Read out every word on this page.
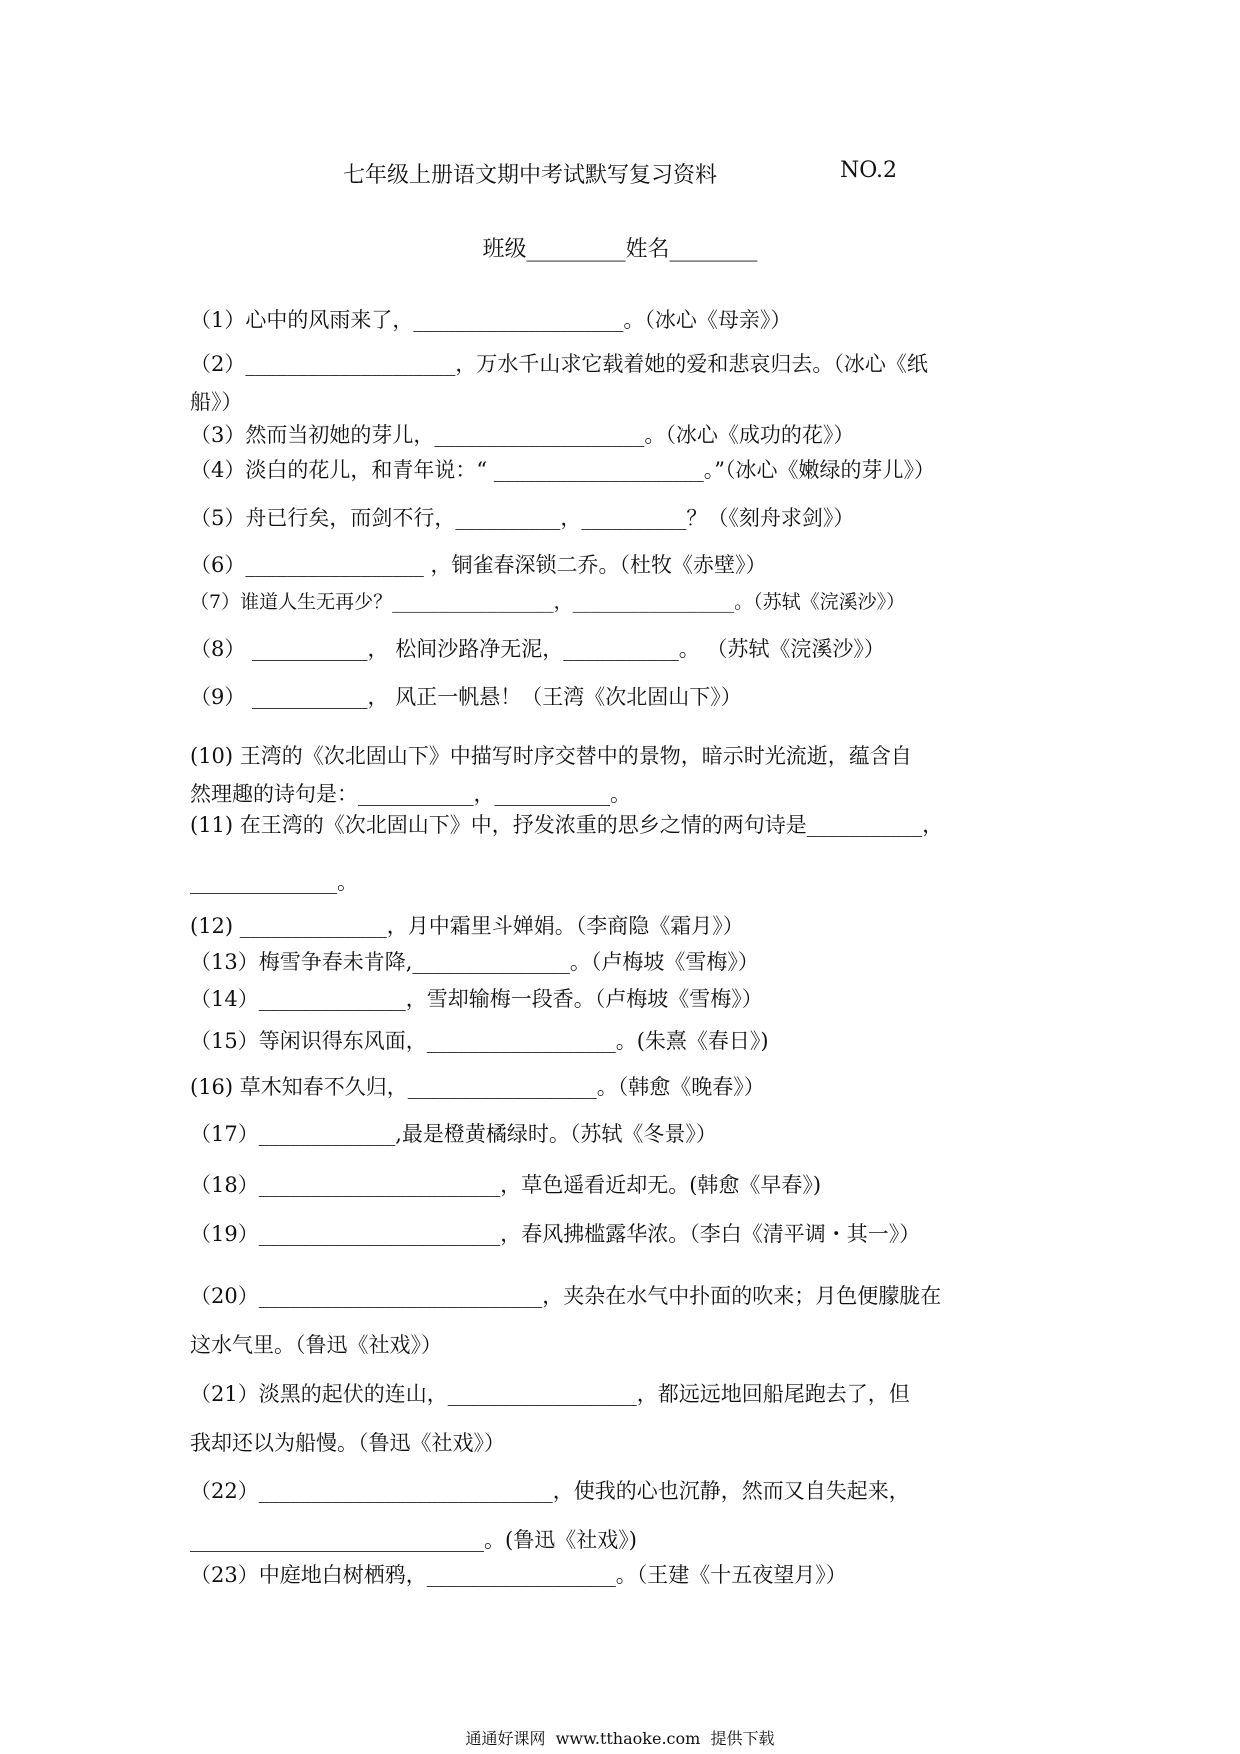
七年级上册语文期中考试默写复习资料	NO.2
班级_________姓名________
（1）心中的风雨来了，____________________。（冰心《母亲》）
（2）____________________，万水千山求它载着她的爱和悲哀归去。（冰心《纸
船》）
（3）然而当初她的芽儿，____________________。（冰心《成功的花》）
（4）淡白的花儿，和青年说：“ ____________________。”（冰心《嫩绿的芽儿》）
（5）舟已行矣，而剑不行，__________，__________？（《刻舟求剑》）
（6）_________________ ，铜雀春深锁二乔。（杜牧《赤壁》）
（7）谁道人生无再少？_________________，_________________。（苏轼《浣溪沙》）
（8） ___________， 松间沙路净无泥，___________。 （苏轼《浣溪沙》）
（9） ___________， 风正一帆悬！（王湾《次北固山下》）
(10) 王湾的《次北固山下》中描写时序交替中的景物，暗示时光流逝，蕴含自
然理趣的诗句是：___________，___________。
(11) 在王湾的《次北固山下》中，抒发浓重的思乡之情的两句诗是___________，
______________。
(12) ______________，月中霜里斗婵娟。（李商隐《霜月》）
（13）梅雪争春未肯降,_______________。（卢梅坡《雪梅》）
（14）______________，雪却输梅一段香。（卢梅坡《雪梅》）
（15）等闲识得东风面，__________________。(朱熹《春日》)
(16) 草木知春不久归，__________________。（韩愈《晚春》）
（17）_____________,最是橙黄橘绿时。（苏轼《冬景》）
（18）_______________________，草色遥看近却无。(韩愈《早春》)
（19）_______________________，春风拂槛露华浓。（李白《清平调・其一》）
（20）___________________________，夹杂在水气中扑面的吹来；月色便朦胧在
这水气里。（鲁迅《社戏》）
（21）淡黑的起伏的连山，__________________，都远远地回船尾跑去了，但
我却还以为船慢。（鲁迅《社戏》）
（22）____________________________，使我的心也沉静，然而又自失起来，
____________________________。(鲁迅《社戏》)
（23）中庭地白树栖鸦，__________________。（王建《十五夜望月》）
通通好课网  www.tthaoke.com  提供下载
